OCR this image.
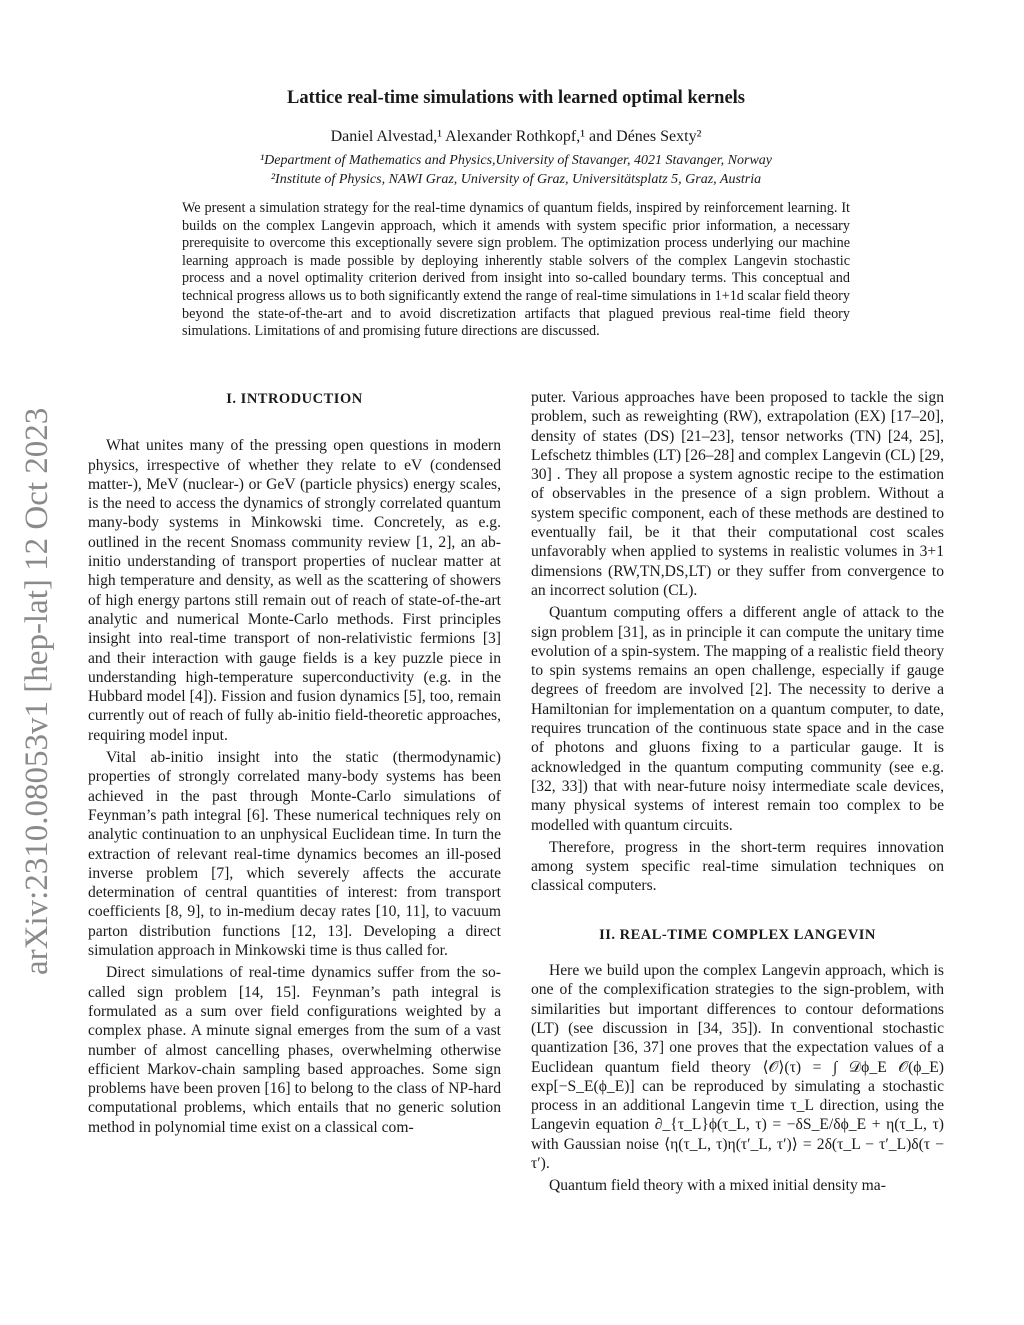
arXiv:2310.08053v1 [hep-lat] 12 Oct 2023
Lattice real-time simulations with learned optimal kernels
Daniel Alvestad,¹ Alexander Rothkopf,¹ and Dénes Sexty²
¹Department of Mathematics and Physics,University of Stavanger, 4021 Stavanger, Norway
²Institute of Physics, NAWI Graz, University of Graz, Universitätsplatz 5, Graz, Austria

We present a simulation strategy for the real-time dynamics of quantum fields, inspired by reinforcement learning. It builds on the complex Langevin approach, which it amends with system specific prior information, a necessary prerequisite to overcome this exceptionally severe sign problem. The optimization process underlying our machine learning approach is made possible by deploying inherently stable solvers of the complex Langevin stochastic process and a novel optimality criterion derived from insight into so-called boundary terms. This conceptual and technical progress allows us to both significantly extend the range of real-time simulations in 1+1d scalar field theory beyond the state-of-the-art and to avoid discretization artifacts that plagued previous real-time field theory simulations. Limitations of and promising future directions are discussed.

I. INTRODUCTION

What unites many of the pressing open questions in modern physics, irrespective of whether they relate to eV (condensed matter-), MeV (nuclear-) or GeV (particle physics) energy scales, is the need to access the dynamics of strongly correlated quantum many-body systems in Minkowski time. Concretely, as e.g. outlined in the recent Snomass community review [1, 2], an ab-initio understanding of transport properties of nuclear matter at high temperature and density, as well as the scattering of showers of high energy partons still remain out of reach of state-of-the-art analytic and numerical Monte-Carlo methods. First principles insight into real-time transport of non-relativistic fermions [3] and their interaction with gauge fields is a key puzzle piece in understanding high-temperature superconductivity (e.g. in the Hubbard model [4]). Fission and fusion dynamics [5], too, remain currently out of reach of fully ab-initio field-theoretic approaches, requiring model input.

Vital ab-initio insight into the static (thermodynamic) properties of strongly correlated many-body systems has been achieved in the past through Monte-Carlo simulations of Feynman’s path integral [6]. These numerical techniques rely on analytic continuation to an unphysical Euclidean time. In turn the extraction of relevant real-time dynamics becomes an ill-posed inverse problem [7], which severely affects the accurate determination of central quantities of interest: from transport coefficients [8, 9], to in-medium decay rates [10, 11], to vacuum parton distribution functions [12, 13]. Developing a direct simulation approach in Minkowski time is thus called for.

Direct simulations of real-time dynamics suffer from the so-called sign problem [14, 15]. Feynman’s path integral is formulated as a sum over field configurations weighted by a complex phase. A minute signal emerges from the sum of a vast number of almost cancelling phases, overwhelming otherwise efficient Markov-chain sampling based approaches. Some sign problems have been proven [16] to belong to the class of NP-hard computational problems, which entails that no generic solution method in polynomial time exist on a classical com-

puter. Various approaches have been proposed to tackle the sign problem, such as reweighting (RW), extrapolation (EX) [17–20], density of states (DS) [21–23], tensor networks (TN) [24, 25], Lefschetz thimbles (LT) [26–28] and complex Langevin (CL) [29, 30] . They all propose a system agnostic recipe to the estimation of observables in the presence of a sign problem. Without a system specific component, each of these methods are destined to eventually fail, be it that their computational cost scales unfavorably when applied to systems in realistic volumes in 3+1 dimensions (RW,TN,DS,LT) or they suffer from convergence to an incorrect solution (CL).

Quantum computing offers a different angle of attack to the sign problem [31], as in principle it can compute the unitary time evolution of a spin-system. The mapping of a realistic field theory to spin systems remains an open challenge, especially if gauge degrees of freedom are involved [2]. The necessity to derive a Hamiltonian for implementation on a quantum computer, to date, requires truncation of the continuous state space and in the case of photons and gluons fixing to a particular gauge. It is acknowledged in the quantum computing community (see e.g. [32, 33]) that with near-future noisy intermediate scale devices, many physical systems of interest remain too complex to be modelled with quantum circuits.

Therefore, progress in the short-term requires innovation among system specific real-time simulation techniques on classical computers.

II. REAL-TIME COMPLEX LANGEVIN

Here we build upon the complex Langevin approach, which is one of the complexification strategies to the sign-problem, with similarities but important differences to contour deformations (LT) (see discussion in [34, 35]). In conventional stochastic quantization [36, 37] one proves that the expectation values of a Euclidean quantum field theory ⟨𝒪⟩(τ) = ∫ 𝒟ϕ_E 𝒪(ϕ_E) exp[−S_E(ϕ_E)] can be reproduced by simulating a stochastic process in an additional Langevin time τ_L direction, using the Langevin equation ∂_{τ_L}ϕ(τ_L, τ) = −δS_E/δϕ_E + η(τ_L, τ) with Gaussian noise ⟨η(τ_L, τ)η(τ′_L, τ′)⟩ = 2δ(τ_L − τ′_L)δ(τ − τ′).

Quantum field theory with a mixed initial density ma-
